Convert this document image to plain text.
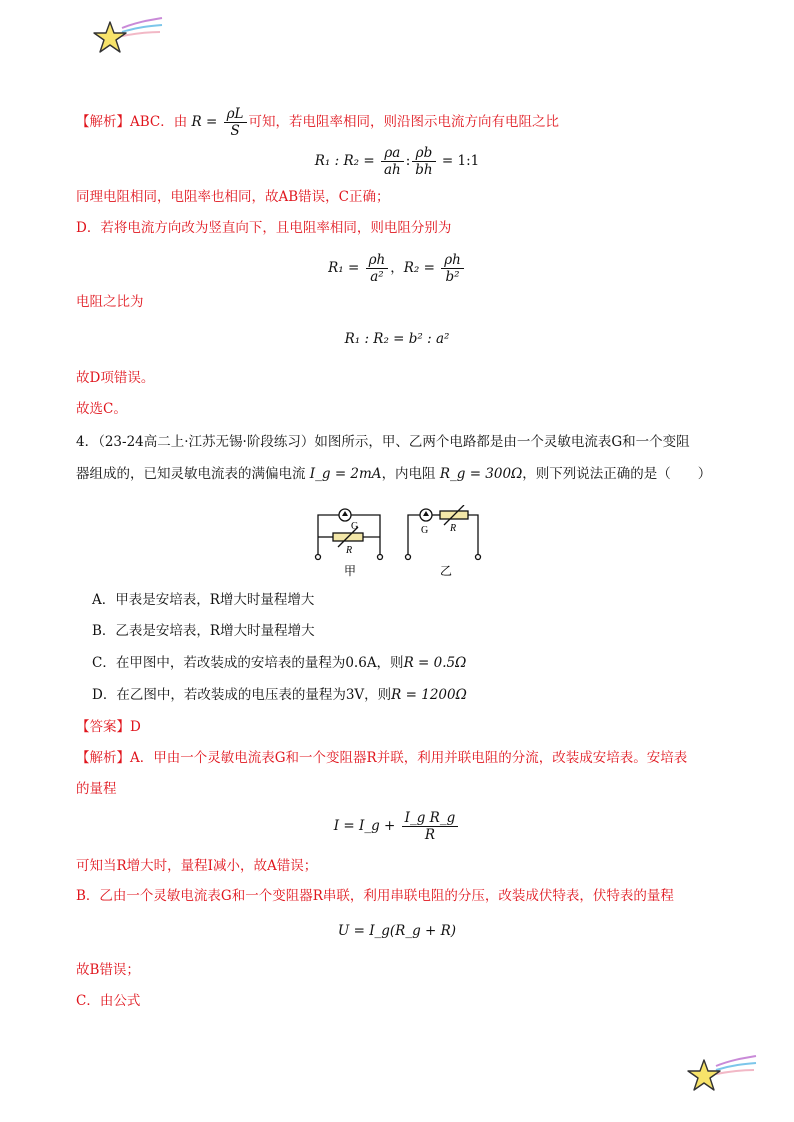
【解析】ABC．由 $R = \frac{\rho L}{S}$ 可知，若电阻率相同，则沿图示电流方向有电阻之比
R₁ : $R_2 = \frac{\rho a}{ah}$ : $\frac{\rho b}{bh}$ = 1:1
同理电阻相同，电阻率也相同，故AB错误，C正确；
D．若将电流方向改为竖直向下，且电阻率相同，则电阻分别为
$R_1 = \frac{\rho h}{\text{a²}}$ ，$R_2 = \frac{\rho h}{\text{b²}}$
电阻之比为
R₁ : R₂ = b² : a²
故D项错误。
故选C。
4．（23-24高二上·江苏无锡·阶段练习）如图所示，甲、乙两个电路都是由一个灵敏电流表G和一个变阻
器组成的，已知灵敏电流表的满偏电流 I_g = 2mA，内电阻 R_g = 300Ω，则下列说法正确的是（　　）
G
R
甲
G R
乙
A．甲表是安培表，R增大时量程增大
B．乙表是安培表，R增大时量程增大
C．在甲图中，若改装成的安培表的量程为0.6A，则R = 0.5Ω
D．在乙图中，若改装成的电压表的量程为3V，则R = 1200Ω
【答案】D
【解析】A．甲由一个灵敏电流表G和一个变阻器R并联，利用并联电阻的分流，改装成安培表。安培表
的量程
I = I_g + $\frac{\text{I\_g R\_g}}{R}$
可知当R增大时，量程I减小，故A错误；
B．乙由一个灵敏电流表G和一个变阻器R串联，利用串联电阻的分压，改装成伏特表，伏特表的量程
U = I_g(R_g + R)
故B错误；
C．由公式
